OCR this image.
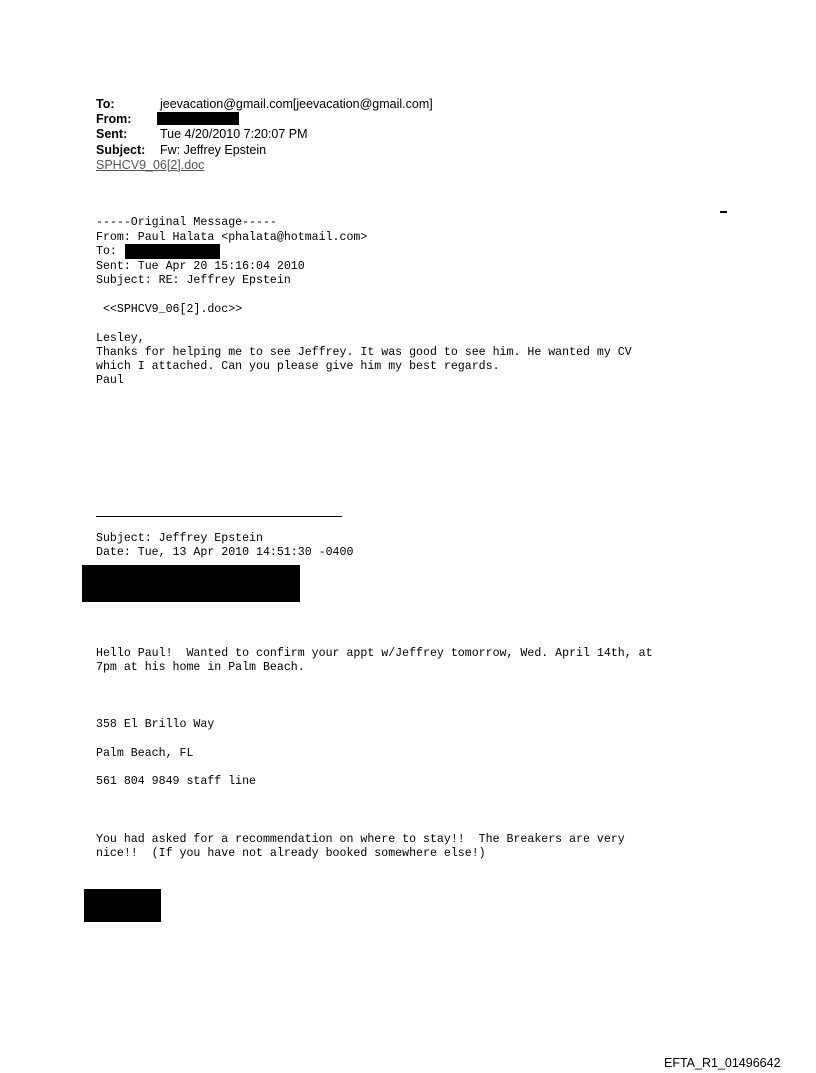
To:	jeevacation@gmail.com[jeevacation@gmail.com]
From:
Sent:	Tue 4/20/2010 7:20:07 PM
Subject: Fw: Jeffrey Epstein
SPHCV9_06[2].doc
-----Original Message-----
From: Paul Halata <phalata@hotmail.com>
To:
Sent: Tue Apr 20 15:16:04 2010
Subject: RE: Jeffrey Epstein
<<SPHCV9_06[2].doc>>
Lesley,
Thanks for helping me to see Jeffrey. It was good to see him. He wanted my CV
which I attached. Can you please give him my best regards.
Paul
Subject: Jeffrey Epstein
Date: Tue, 13 Apr 2010 14:51:30 -0400
Hello Paul!  Wanted to confirm your appt w/Jeffrey tomorrow, Wed. April 14th, at
7pm at his home in Palm Beach.
358 El Brillo Way
Palm Beach, FL
561 804 9849 staff line
You had asked for a recommendation on where to stay!!  The Breakers are very
nice!!  (If you have not already booked somewhere else!)
EFTA_R1_01496642
